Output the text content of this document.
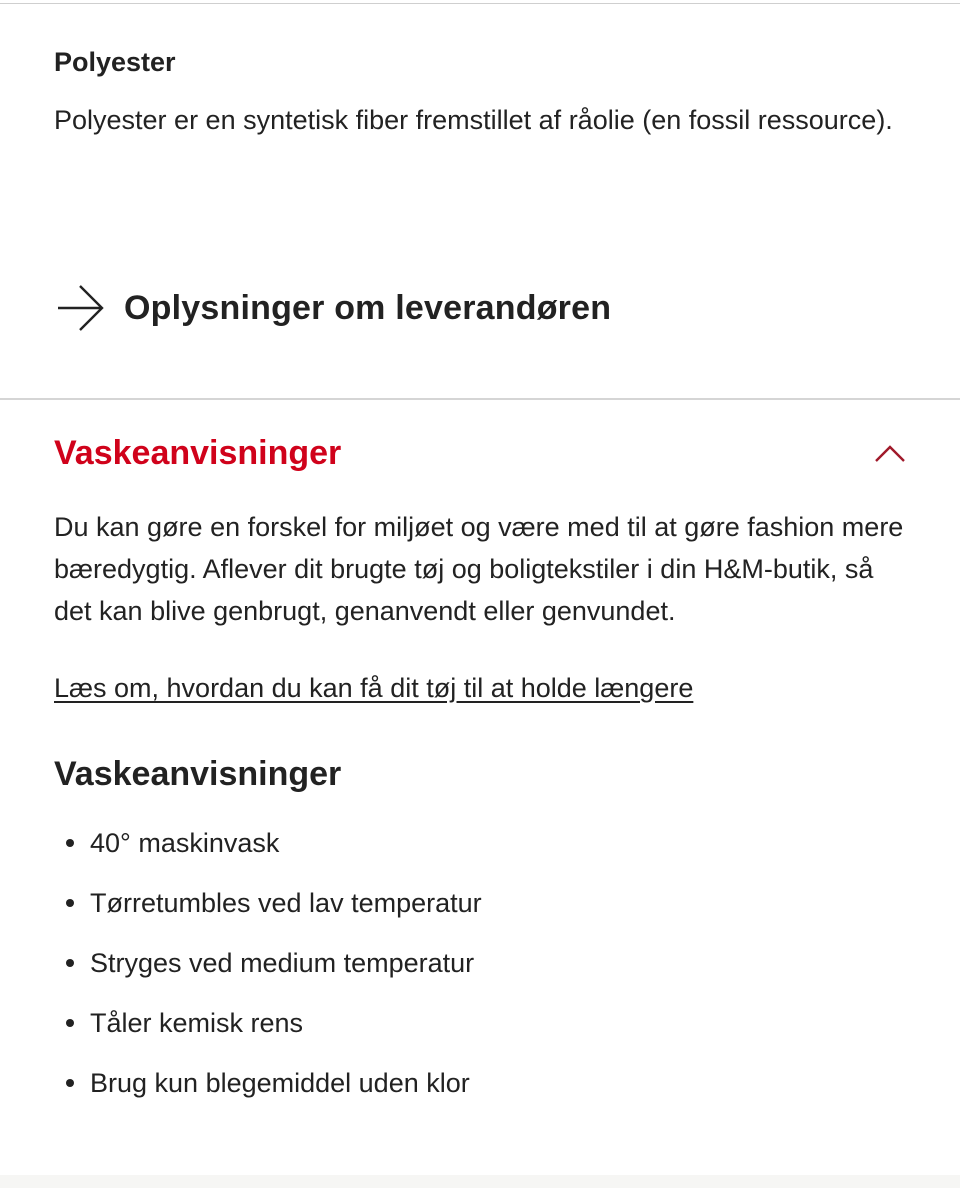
Polyester

Polyester er en syntetisk fiber fremstillet af råolie (en fossil ressource).

Oplysninger om leverandøren
Vaskeanvisninger

Du kan gøre en forskel for miljøet og være med til at gøre fashion mere bæredygtig. Aflever dit brugte tøj og boligtekstiler i din H&M-butik, så det kan blive genbrugt, genanvendt eller genvundet.

Læs om, hvordan du kan få dit tøj til at holde længere
Vaskeanvisninger
40° maskinvask
Tørretumbles ved lav temperatur
Stryges ved medium temperatur
Tåler kemisk rens
Brug kun blegemiddel uden klor
